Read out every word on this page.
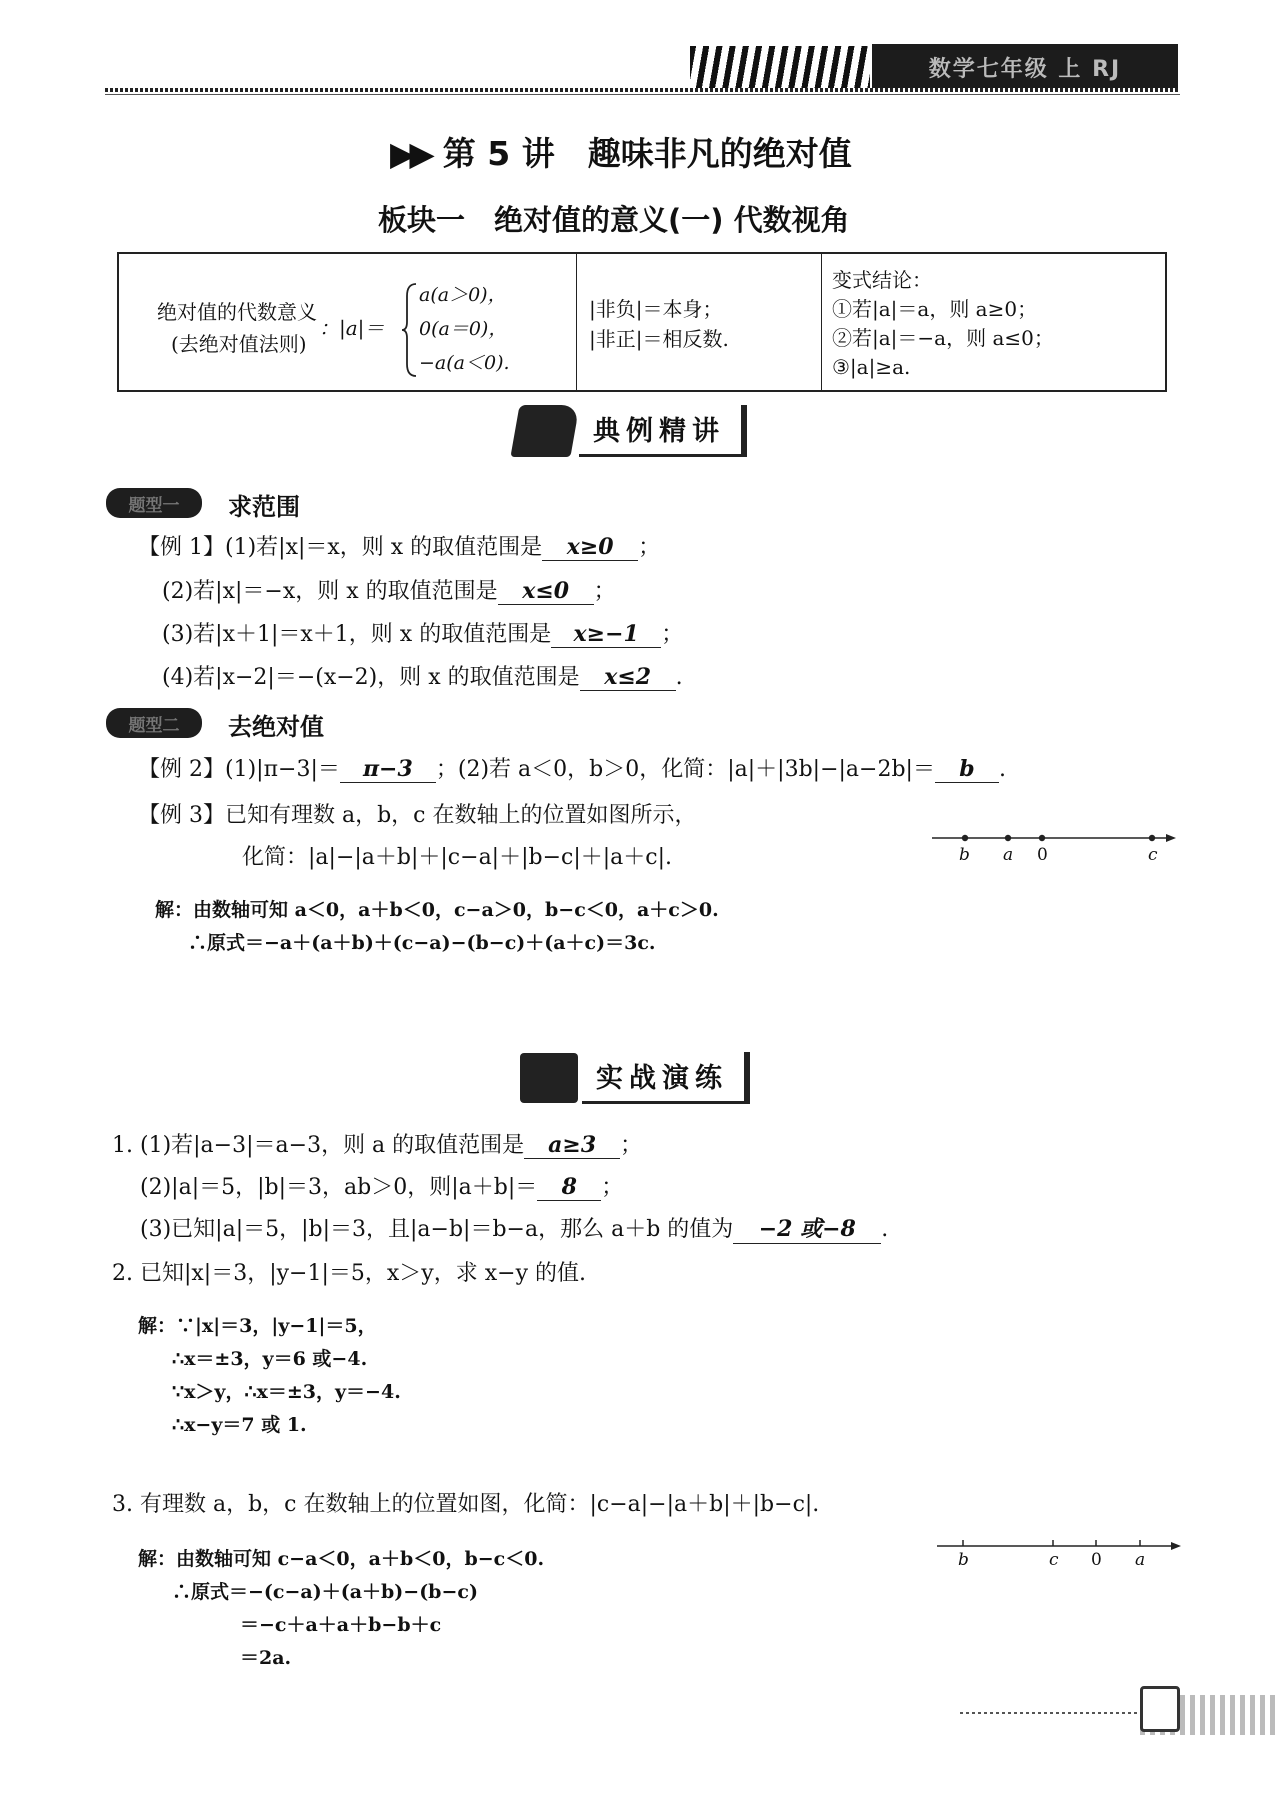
数学七年级 上 RJ
▶▶ 第 5 讲　趣味非凡的绝对值
板块一　绝对值的意义(一) 代数视角
绝对值的代数意义
(去绝对值法则)
：|a|＝
a(a＞0)，
0(a＝0)，
−a(a＜0).
|非负|＝本身；
|非正|＝相反数.
变式结论：
①若|a|＝a，则 a≥0；
②若|a|＝−a，则 a≤0；
③|a|≥a.
典例精讲
题型一	求范围
【例 1】(1)若|x|＝x，则 x 的取值范围是 x≥0 ；
(2)若|x|＝−x，则 x 的取值范围是 x≤0 ；
(3)若|x＋1|＝x＋1，则 x 的取值范围是 x≥−1 ；
(4)若|x−2|＝−(x−2)，则 x 的取值范围是 x≤2 .
题型二	去绝对值
【例 2】(1)|π−3|＝ π−3 ；(2)若 a＜0，b＞0，化简：|a|＋|3b|−|a−2b|＝ b .
【例 3】已知有理数 a，b，c 在数轴上的位置如图所示，
化简：|a|−|a＋b|＋|c−a|＋|b−c|＋|a＋c|.	b a 0	c
解：由数轴可知 a＜0，a＋b＜0，c−a＞0，b−c＜0，a＋c＞0.
∴原式＝−a＋(a＋b)＋(c−a)−(b−c)＋(a＋c)＝3c.
实战演练
1. (1)若|a−3|＝a−3，则 a 的取值范围是 a≥3 ；
(2)|a|＝5，|b|＝3，ab＞0，则|a＋b|＝ 8 ；
(3)已知|a|＝5，|b|＝3，且|a−b|＝b−a，那么 a＋b 的值为 −2 或−8 .
2. 已知|x|＝3，|y−1|＝5，x＞y，求 x−y 的值.
解：∵|x|＝3，|y−1|＝5，
∴x＝±3，y＝6 或−4.
∵x＞y，∴x＝±3，y＝−4.
∴x−y＝7 或 1.
3. 有理数 a，b，c 在数轴上的位置如图，化简：|c−a|−|a＋b|＋|b−c|.
b	c 0 a
解：由数轴可知 c−a＜0，a＋b＜0，b−c＜0.
∴原式＝−(c−a)＋(a＋b)−(b−c)
＝−c＋a＋a＋b−b＋c
＝2a.
